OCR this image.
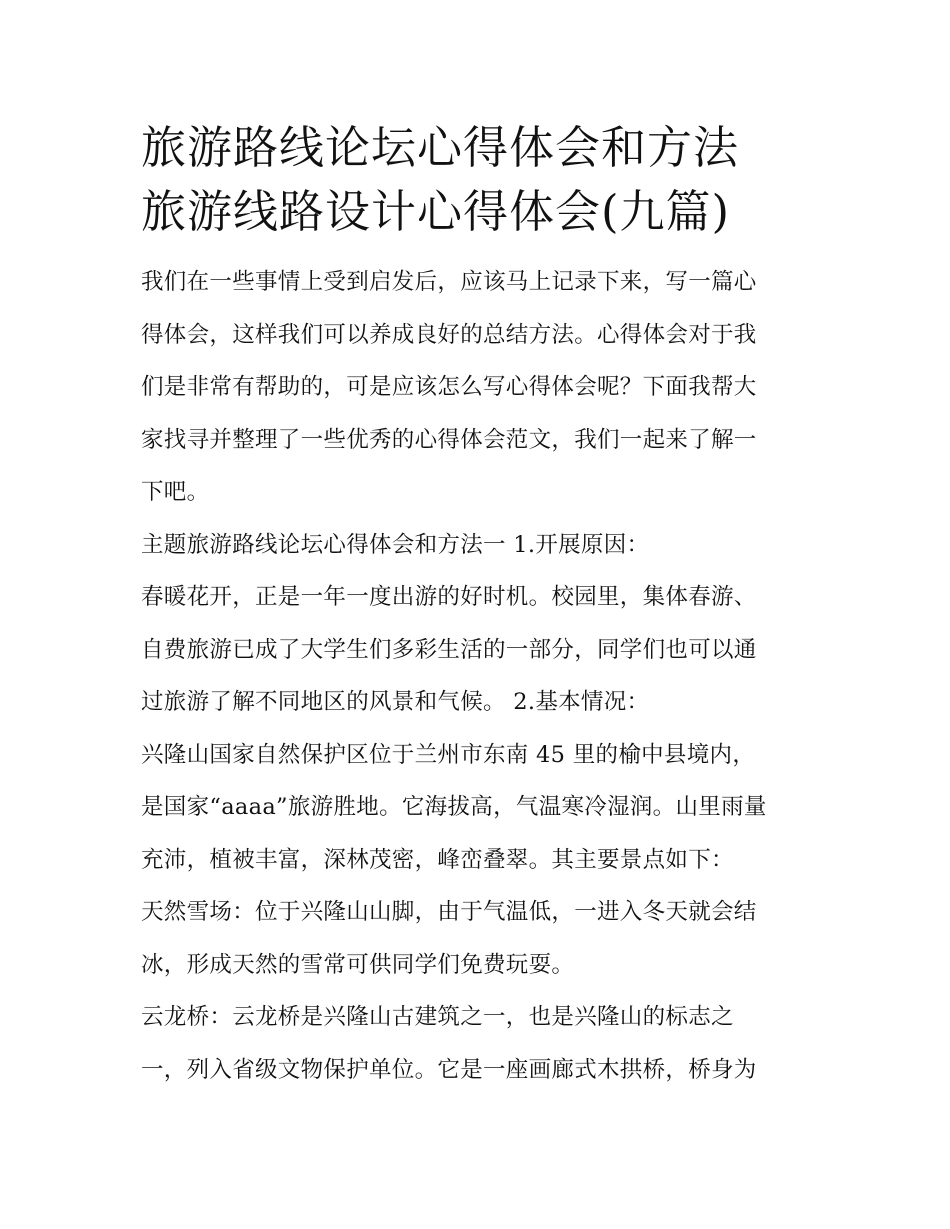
旅游路线论坛心得体会和方法
旅游线路设计心得体会(九篇)
我们在一些事情上受到启发后，应该马上记录下来，写一篇心
得体会，这样我们可以养成良好的总结方法。心得体会对于我
们是非常有帮助的，可是应该怎么写心得体会呢？下面我帮大
家找寻并整理了一些优秀的心得体会范文，我们一起来了解一
下吧。
主题旅游路线论坛心得体会和方法一 1.开展原因：
春暖花开，正是一年一度出游的好时机。校园里，集体春游、
自费旅游已成了大学生们多彩生活的一部分，同学们也可以通
过旅游了解不同地区的风景和气候。 2.基本情况：
兴隆山国家自然保护区位于兰州市东南 45 里的榆中县境内，
是国家“aaaa”旅游胜地。它海拔高，气温寒冷湿润。山里雨量
充沛，植被丰富，深林茂密，峰峦叠翠。其主要景点如下：
天然雪场：位于兴隆山山脚，由于气温低，一进入冬天就会结
冰，形成天然的雪常可供同学们免费玩耍。
云龙桥：云龙桥是兴隆山古建筑之一，也是兴隆山的标志之
一，列入省级文物保护单位。它是一座画廊式木拱桥，桥身为
